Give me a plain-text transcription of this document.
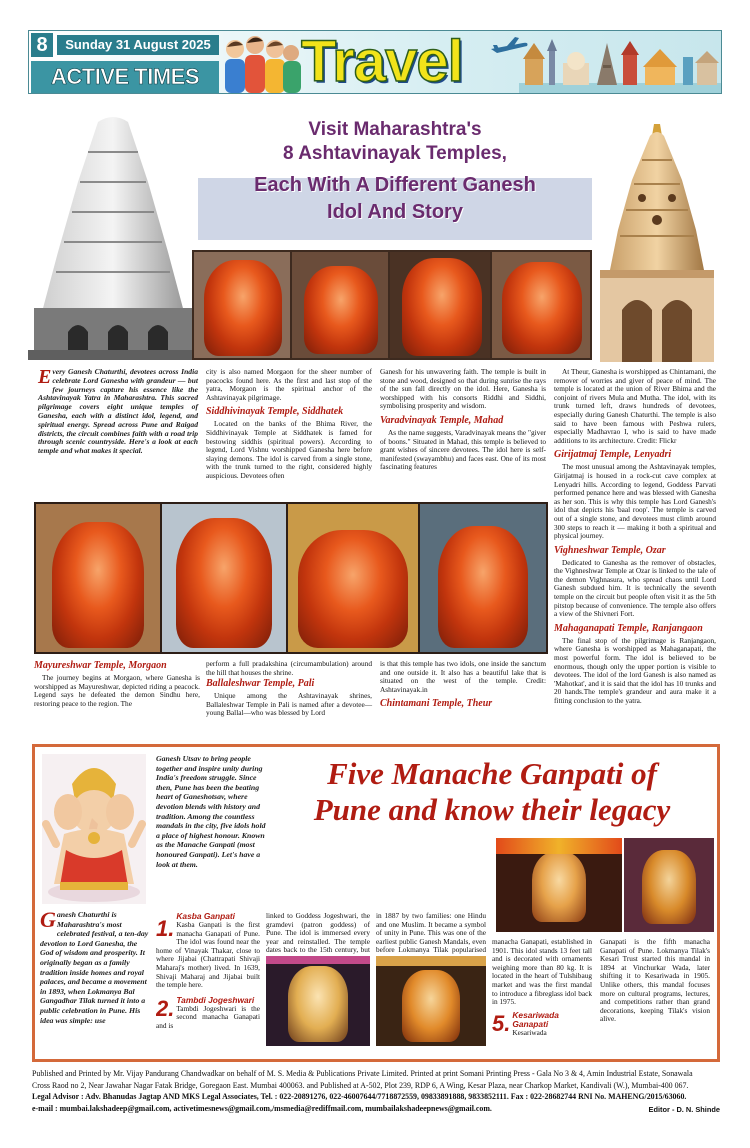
8	Sunday 31 August 2025
ACTIVE TIMES	Travel
Visit Maharashtra's
8 Ashtavinayak Temples,
Each With A Different Ganesh
Idol And Story
Every Ganesh Chaturthi, devotees across India celebrate Lord Ganesha with grandeur — but few journeys capture his essence like the Ashtavinayak Yatra in Maharashtra. This sacred pilgrimage covers eight unique temples of Ganesha, each with a distinct idol, legend, and spiritual energy. Spread across Pune and Raigad districts, the circuit combines faith with a road trip through scenic countryside. Here's a look at each temple and what makes it special.

city is also named Morgaon for the sheer number of peacocks found here. As the first and last stop of the yatra, Morgaon is the spiritual anchor of the Ashtavinayak pilgrimage.

Siddhivinayak Temple, Siddhatek

Located on the banks of the Bhima River, the Siddhivinayak Temple at Siddhatek is famed for bestowing siddhis (spiritual powers). According to legend, Lord Vishnu worshipped Ganesha here before slaying demons. The idol is carved from a single stone, with the trunk turned to the right, considered highly auspicious. Devotees often

Ganesh for his unwavering faith. The temple is built in stone and wood, designed so that during sunrise the rays of the sun fall directly on the idol. Here, Ganesha is worshipped with his consorts Riddhi and Siddhi, symbolising prosperity and wisdom.

Varadvinayak Temple, Mahad

As the name suggests, Varadvinayak means the "giver of boons." Situated in Mahad, this temple is believed to grant wishes of sincere devotees. The idol here is self-manifested (swayambhu) and faces east. One of its most fascinating features

At Theur, Ganesha is worshipped as Chintamani, the remover of worries and giver of peace of mind. The temple is located at the union of River Bhima and the conjoint of rivers Mula and Mutha. The idol, with its trunk turned left, draws hundreds of devotees, especially during Ganesh Chaturthi. The temple is also said to have been famous with Peshwa rulers, especially Madhavrao I, who is said to have made additions to its architecture. Credit: Flickr

Girijatmaj Temple, Lenyadri

The most unusual among the Ashtavinayak temples, Girijatmaj is housed in a rock-cut cave complex at Lenyadri hills. According to legend, Goddess Parvati performed penance here and was blessed with Ganesha as her son. This is why this temple has Lord Ganesh's idol that depicts his 'baal roop'. The temple is carved out of a single stone, and devotees must climb around 300 steps to reach it — making it both a spiritual and physical journey.

Vighneshwar Temple, Ozar

Dedicated to Ganesha as the remover of obstacles, the Vighneshwar Temple at Ozar is linked to the tale of the demon Vighnasura, who spread chaos until Lord Ganesh subdued him. It is technically the seventh temple on the circuit but people often visit it as the 5th pitstop because of convenience. The temple also offers a view of the Shivneri Fort.

Mahaganapati Temple, Ranjangaon

The final stop of the pilgrimage is Ranjangaon, where Ganesha is worshipped as Mahaganapati, the most powerful form. The idol is believed to be enormous, though only the upper portion is visible to devotees. The idol of the lord Ganesh is also named as 'Mahotkat', and it is said that the idol has 10 trunks and 20 hands.The temple's grandeur and aura make it a fitting conclusion to the yatra.

Mayureshwar Temple, Morgaon

The journey begins at Morgaon, where Ganesha is worshipped as Mayureshwar, depicted riding a peacock. Legend says he defeated the demon Sindhu here, restoring peace to the region. The

perform a full pradakshina (circumambulation) around the hill that houses the shrine.

Ballaleshwar Temple, Pali

Unique among the Ashtavinayak shrines, Ballaleshwar Temple in Pali is named after a devotee—young Ballal—who was blessed by Lord

is that this temple has two idols, one inside the sanctum and one outside it. It also has a beautiful lake that is situated on the west of the temple. Credit: Ashtavinayak.in

Chintamani Temple, Theur
Ganesh Utsav to bring people together and inspire unity during India's freedom struggle. Since then, Pune has been the beating heart of Ganeshotsav, where devotion blends with history and tradition. Among the countless mandals in the city, five idols hold a place of highest honour. Known as the Manache Ganpati (most honoured Ganpati). Let's have a look at them.
Five Manache Ganpati of
Pune and know their legacy
Ganesh Chaturthi is Maharashtra's most celebrated festival, a ten-day devotion to Lord Ganesha, the God of wisdom and prosperity. It originally began as a family tradition inside homes and royal palaces, and became a movement in 1893, when Lokmanya Bal Gangadhar Tilak turned it into a public celebration in Pune. His idea was simple: use
1. Kasba Ganpati
Kasba Ganpati is the first manacha Ganapati of Pune. The idol was found near the home of Vinayak Thakar, close to where Jijabai (Chattrapati Shivaji Maharaj's mother) lived. In 1639, Shivaji Maharaj and Jijabai built the temple here.
2. Tambdi Jogeshwari
Tambdi Jogeshwari is the second manacha Ganapati and is
linked to Goddess Jogeshwari, the gramdevi (patron goddess) of Pune. The idol is immersed every year and reinstalled. The temple dates back to the 15th century, but
in 1887 by two families: one Hindu and one Muslim. It became a symbol of unity in Pune. This was one of the earliest public Ganesh Mandals, even before Lokmanya Tilak popularised
manacha Ganapati, established in 1901. This idol stands 13 feet tall and is decorated with ornaments weighing more than 80 kg. It is located in the heart of Tulshibaug market and was the first mandal to introduce a fibreglass idol back in 1975.
5. Kesariwada Ganapati
Kesariwada
Ganapati is the fifth manacha Ganapati of Pune. Lokmanya Tilak's Kesari Trust started this mandal in 1894 at Vinchurkar Wada, later shifting it to Kesariwada in 1905. Unlike others, this mandal focuses more on cultural programs, lectures, and competitions rather than grand decorations, keeping Tilak's vision alive.
Published and Printed by Mr. Vijay Pandurang Chandwadkar on behalf of M. S. Media & Publications Private Limited. Printed at print Somani Printing Press - Gala No 3 & 4, Amin Industrial Estate, Sonawala
Cross Raod no 2, Near Jawahar Nagar Fatak Bridge, Goregaon East. Mumbai 400063. and Published at A-502, Plot 239, RDP 6, A Wing, Kesar Plaza, near Charkop Market, Kandivali (W.), Mumbai-400 067.
Legal Advisor : Adv. Bhanudas Jagtap AND MKS Legal Associates, Tel. : 022-20891276, 022-46007644/7718872559, 09833891888, 9833852111. Fax : 022-28682744 RNI No. MAHENG/2015/63060.
e-mail : mumbai.lakshadeep@gmail.com, activetimesnews@gmail.com,/msmedia@rediffmail.com, mumbailakshadeepnews@gmail.com.	Editor - D. N. Shinde
